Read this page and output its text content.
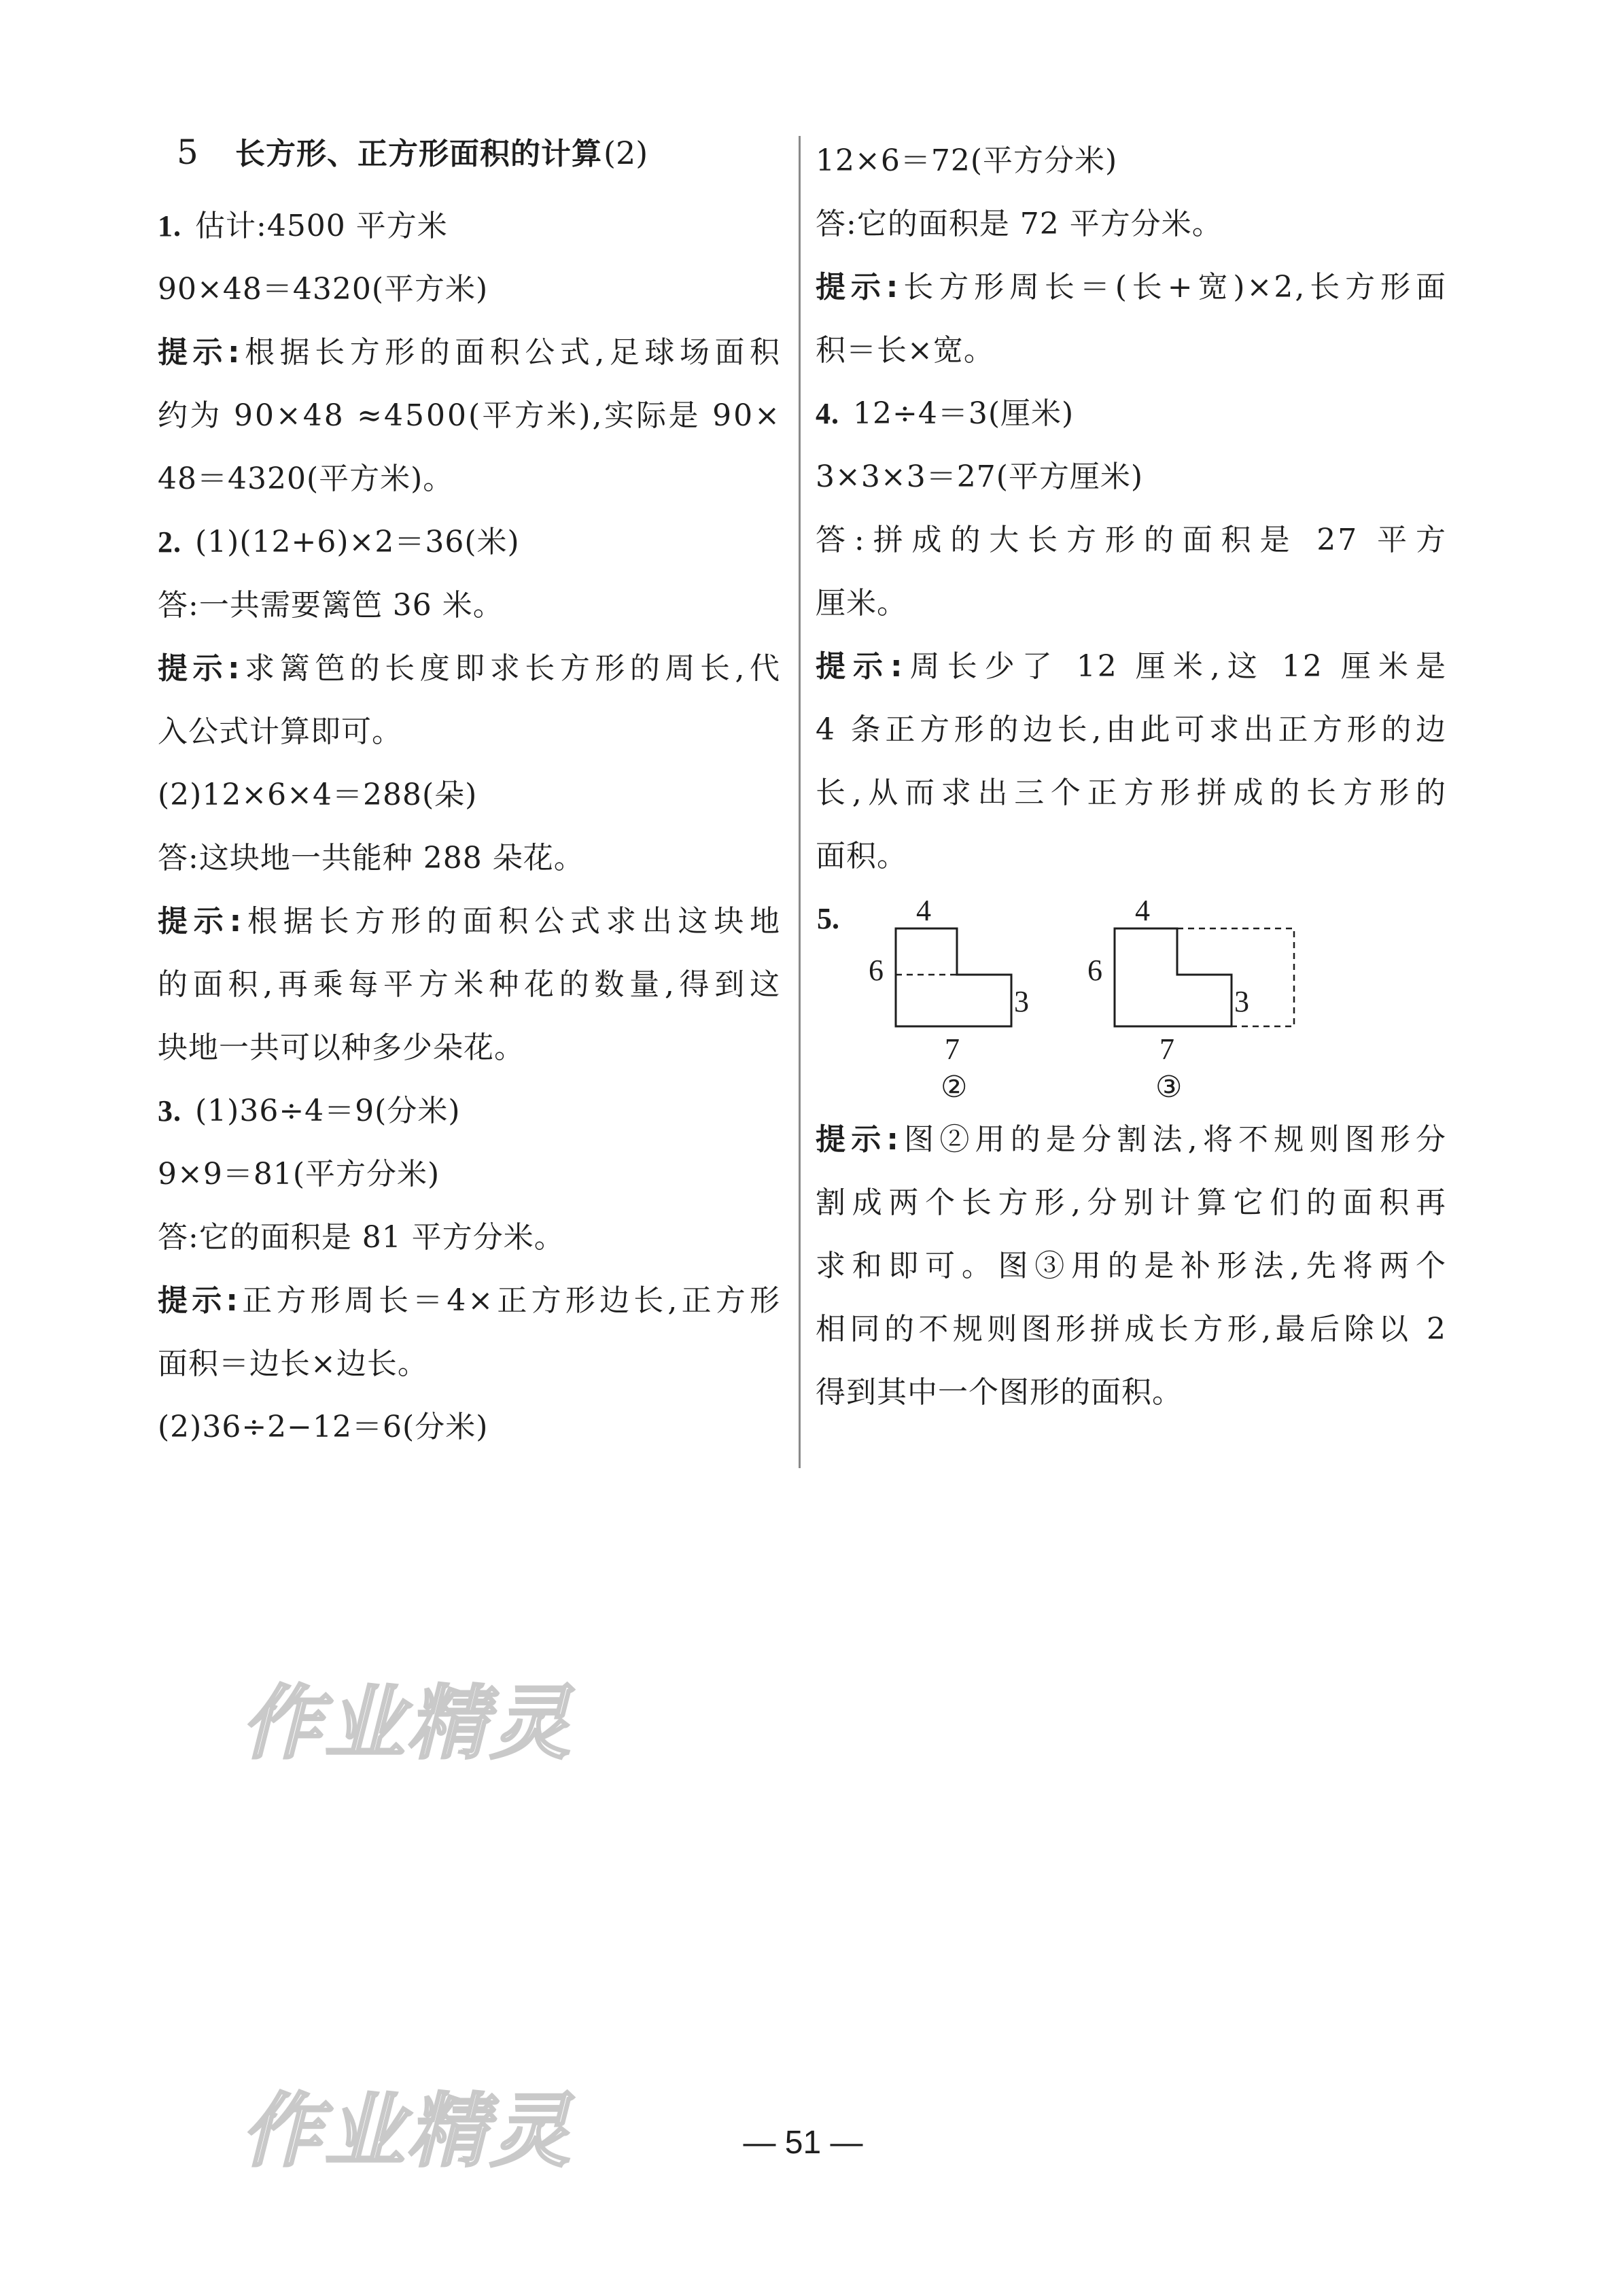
5	长方形、正方形面积的计算 (2)
1. 估计:4500 平方米
90×48＝4320(平方米)
提示:根据长方形的面积公式,足球场面积
约为 90×48 ≈4500(平方米),实际是 90×
48＝4320(平方米)。
2. (1)(12+6)×2＝36(米)
答:一共需要篱笆 36 米。
提示:求篱笆的长度即求长方形的周长,代
入公式计算即可。
(2)12×6×4＝288(朵)
答:这块地一共能种 288 朵花。
提示:根据长方形的面积公式求出这块地
的面积,再乘每平方米种花的数量,得到这
块地一共可以种多少朵花。
3. (1)36÷4＝9(分米)
9×9＝81(平方分米)
答:它的面积是 81 平方分米。
提示:正方形周长＝4×正方形边长,正方形
面积＝边长×边长。
(2)36÷2−12＝6(分米)
12×6＝72(平方分米)
答:它的面积是 72 平方分米。
提示:长方形周长＝(长+宽)×2,长方形面
积＝长×宽。
4. 12÷4＝3(厘米)
3×3×3＝27(平方厘米)
答:拼成的大长方形的面积是 27 平方
厘米。
提示:周长少了 12 厘米,这 12 厘米是
4 条正方形的边长,由此可求出正方形的边
长,从而求出三个正方形拼成的长方形的
面积。
5.	4
6
3
7
②
4
6
3
7
③
提示:图②用的是分割法,将不规则图形分
割成两个长方形,分别计算它们的面积再
求和即可。图③用的是补形法,先将两个
相同的不规则图形拼成长方形,最后除以 2
得到其中一个图形的面积。
作业精灵
作业精灵	— 51 —
